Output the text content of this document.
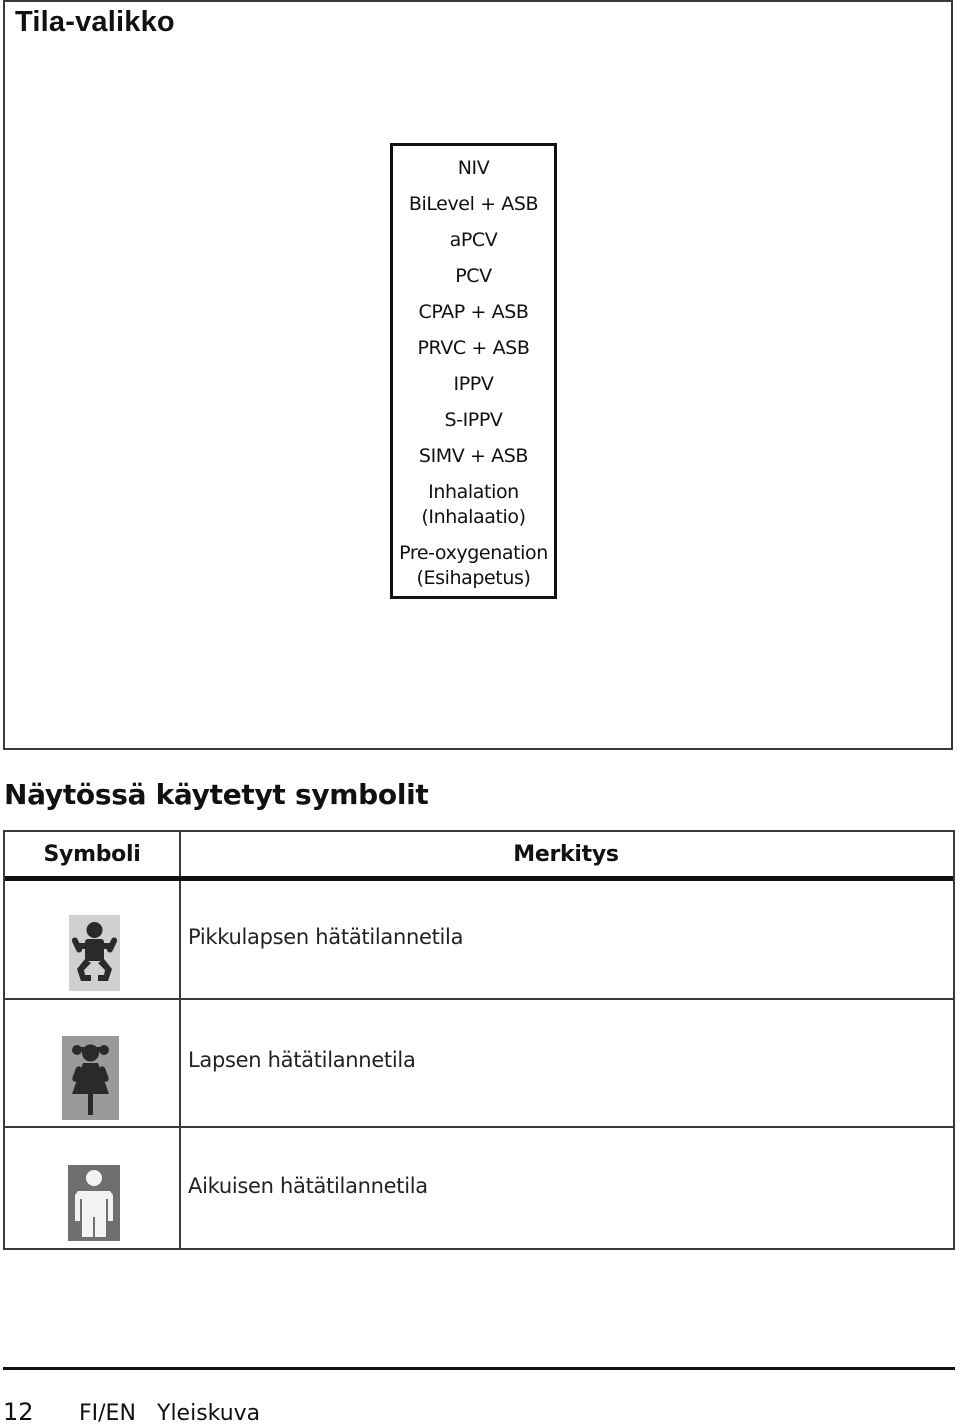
Tila-valikko
NIV
BiLevel + ASB
aPCV
PCV
CPAP + ASB
PRVC + ASB
IPPV
S-IPPV
SIMV + ASB
Inhalation
(Inhalaatio)
Pre-oxygenation
(Esihapetus)
Näytössä käytetyt symbolit
Symboli	Merkitys
Pikkulapsen hätätilannetila
Lapsen hätätilannetila
Aikuisen hätätilannetila
12	FI/EN Yleiskuva
